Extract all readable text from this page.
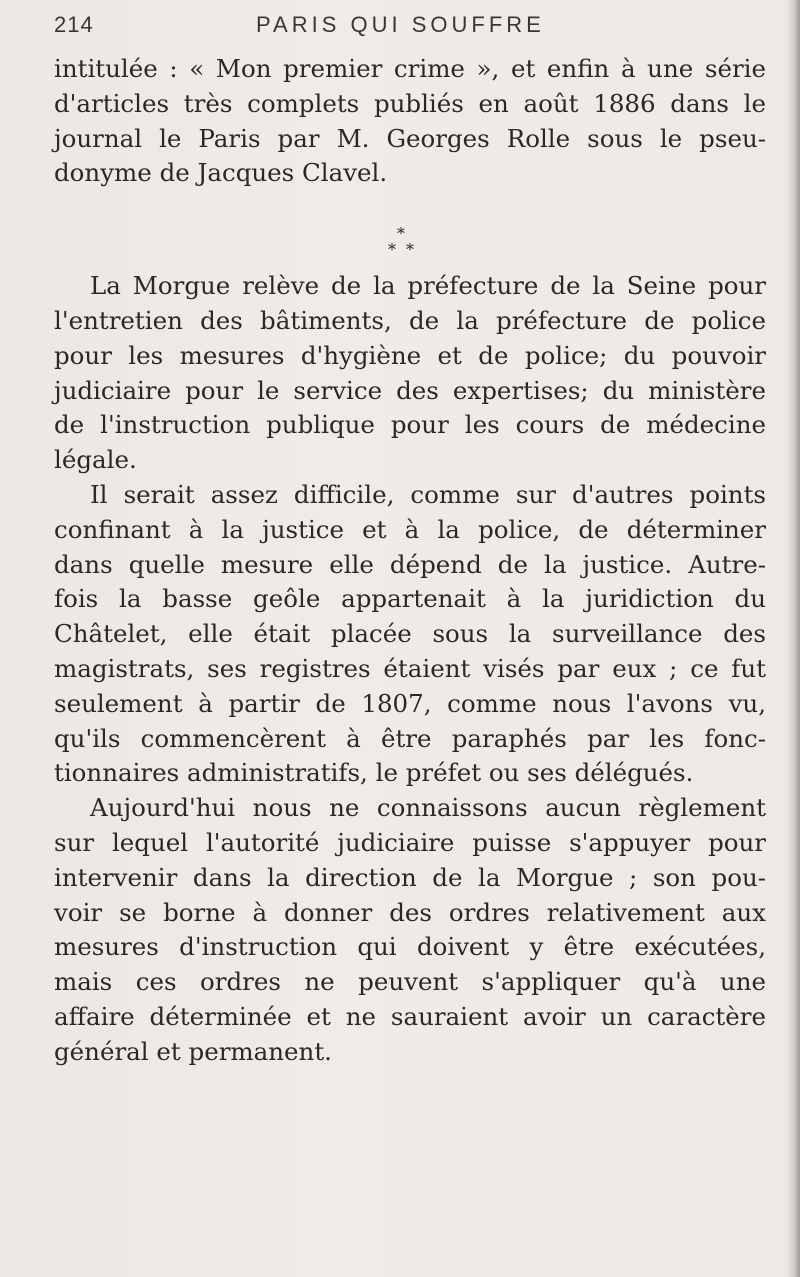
214	PARIS QUI SOUFFRE
intitulée : « Mon premier crime », et enfin à une série
d'articles très complets publiés en août 1886 dans le
journal le Paris par M. Georges Rolle sous le pseu-
donyme de Jacques Clavel.
*
* *
La Morgue relève de la préfecture de la Seine pour
l'entretien des bâtiments, de la préfecture de police
pour les mesures d'hygiène et de police; du pouvoir
judiciaire pour le service des expertises; du ministère
de l'instruction publique pour les cours de médecine
légale.
Il serait assez difficile, comme sur d'autres points
confinant à la justice et à la police, de déterminer
dans quelle mesure elle dépend de la justice. Autre-
fois la basse geôle appartenait à la juridiction du
Châtelet, elle était placée sous la surveillance des
magistrats, ses registres étaient visés par eux ; ce fut
seulement à partir de 1807, comme nous l'avons vu,
qu'ils commencèrent à être paraphés par les fonc-
tionnaires administratifs, le préfet ou ses délégués.
Aujourd'hui nous ne connaissons aucun règlement
sur lequel l'autorité judiciaire puisse s'appuyer pour
intervenir dans la direction de la Morgue ; son pou-
voir se borne à donner des ordres relativement aux
mesures d'instruction qui doivent y être exécutées,
mais ces ordres ne peuvent s'appliquer qu'à une
affaire déterminée et ne sauraient avoir un caractère
général et permanent.
